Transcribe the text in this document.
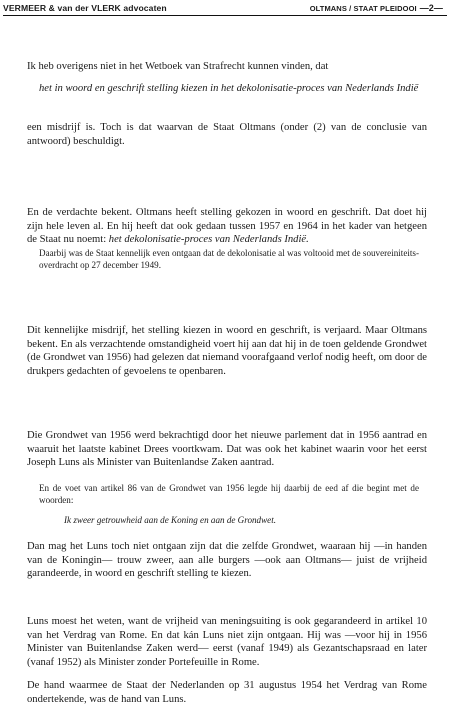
VERMEER & van der VLERK advocaten	OLTMANS / STAAT PLEIDOOI —2—
Ik heb overigens niet in het Wetboek van Strafrecht kunnen vinden, dat
het in woord en geschrift stelling kiezen in het dekolonisatie-proces van Nederlands Indië
een misdrijf is. Toch is dat waarvan de Staat Oltmans (onder (2) van de conclusie van antwoord) beschuldigt.
En de verdachte bekent. Oltmans heeft stelling gekozen in woord en geschrift. Dat doet hij zijn hele leven al. En hij heeft dat ook gedaan tussen 1957 en 1964 in het kader van hetgeen de Staat nu noemt: het dekolonisatie-proces van Nederlands Indië.
Daarbij was de Staat kennelijk even ontgaan dat de dekolonisatie al was voltooid met de souvereiniteits-overdracht op 27 december 1949.
Dit kennelijke misdrijf, het stelling kiezen in woord en geschrift, is verjaard. Maar Oltmans bekent. En als verzachtende omstandigheid voert hij aan dat hij in de toen geldende Grondwet (de Grondwet van 1956) had gelezen dat niemand voorafgaand verlof nodig heeft, om door de drukpers gedachten of gevoelens te openbaren.
Die Grondwet van 1956 werd bekrachtigd door het nieuwe parlement dat in 1956 aantrad en waaruit het laatste kabinet Drees voortkwam. Dat was ook het kabinet waarin voor het eerst Joseph Luns als Minister van Buitenlandse Zaken aantrad.
En de voet van artikel 86 van de Grondwet van 1956 legde hij daarbij de eed af die begint met de woorden:
Ik zweer getrouwheid aan de Koning en aan de Grondwet.
Dan mag het Luns toch niet ontgaan zijn dat die zelfde Grondwet, waaraan hij —in handen van de Koningin— trouw zweer, aan alle burgers —ook aan Oltmans— juist de vrijheid garandeerde, in woord en geschrift stelling te kiezen.
Luns moest het weten, want de vrijheid van meningsuiting is ook gegarandeerd in artikel 10 van het Verdrag van Rome. En dat kán Luns niet zijn ontgaan. Hij was —voor hij in 1956 Minister van Buitenlandse Zaken werd— eerst (vanaf 1949) als Gezantschapsraad en later (vanaf 1952) als Minister zonder Portefeuille in Rome.
De hand waarmee de Staat der Nederlanden op 31 augustus 1954 het Verdrag van Rome ondertekende, was de hand van Luns.
